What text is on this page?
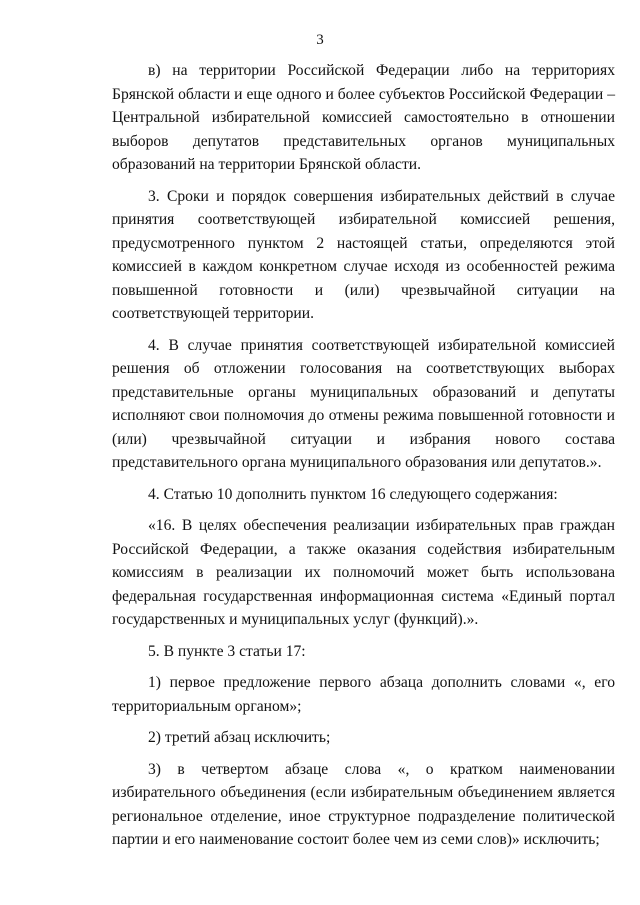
3

в) на территории Российской Федерации либо на территориях Брянской области и еще одного и более субъектов Российской Федерации – Центральной избирательной комиссией самостоятельно в отношении выборов депутатов представительных органов муниципальных образований на территории Брянской области.

3. Сроки и порядок совершения избирательных действий в случае принятия соответствующей избирательной комиссией решения, предусмотренного пунктом 2 настоящей статьи, определяются этой комиссией в каждом конкретном случае исходя из особенностей режима повышенной готовности и (или) чрезвычайной ситуации на соответствующей территории.

4. В случае принятия соответствующей избирательной комиссией решения об отложении голосования на соответствующих выборах представительные органы муниципальных образований и депутаты исполняют свои полномочия до отмены режима повышенной готовности и (или) чрезвычайной ситуации и избрания нового состава представительного органа муниципального образования или депутатов.».

4. Статью 10 дополнить пунктом 16 следующего содержания:

«16. В целях обеспечения реализации избирательных прав граждан Российской Федерации, а также оказания содействия избирательным комиссиям в реализации их полномочий может быть использована федеральная государственная информационная система «Единый портал государственных и муниципальных услуг (функций).».

5. В пункте 3 статьи 17:

1) первое предложение первого абзаца дополнить словами «, его территориальным органом»;

2) третий абзац исключить;

3) в четвертом абзаце слова «, о кратком наименовании избирательного объединения (если избирательным объединением является региональное отделение, иное структурное подразделение политической партии и его наименование состоит более чем из семи слов)» исключить;
